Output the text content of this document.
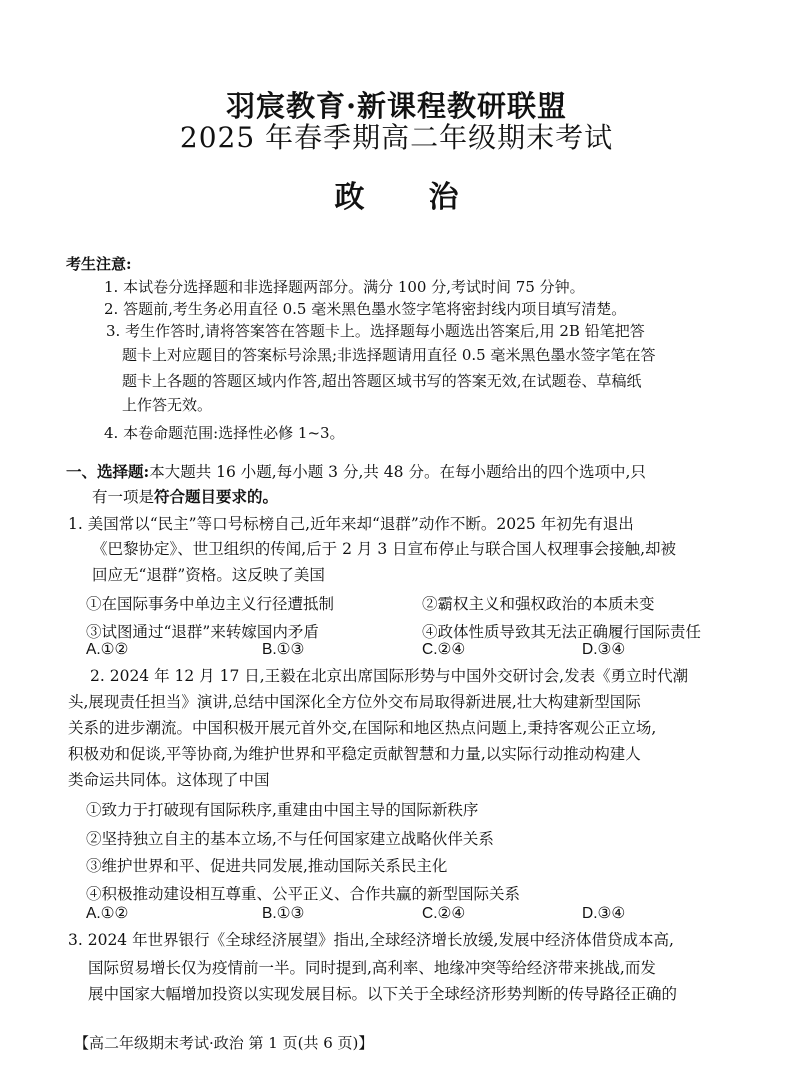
羽宸教育·新课程教研联盟
2025 年春季期高二年级期末考试
政治
考生注意:
1. 本试卷分选择题和非选择题两部分。满分 100 分,考试时间 75 分钟。
2. 答题前,考生务必用直径 0.5 毫米黑色墨水签字笔将密封线内项目填写清楚。
3. 考生作答时,请将答案答在答题卡上。选择题每小题选出答案后,用 2B 铅笔把答
题卡上对应题目的答案标号涂黑;非选择题请用直径 0.5 毫米黑色墨水签字笔在答
题卡上各题的答题区域内作答,超出答题区域书写的答案无效,在试题卷、草稿纸
上作答无效。
4. 本卷命题范围:选择性必修 1~3。
一、选择题:本大题共 16 小题,每小题 3 分,共 48 分。在每小题给出的四个选项中,只
有一项是符合题目要求的。
1. 美国常以“民主”等口号标榜自己,近年来却“退群”动作不断。2025 年初先有退出
《巴黎协定》、世卫组织的传闻,后于 2 月 3 日宣布停止与联合国人权理事会接触,却被
回应无“退群”资格。这反映了美国
①在国际事务中单边主义行径遭抵制	②霸权主义和强权政治的本质未变
③试图通过“退群”来转嫁国内矛盾	④政体性质导致其无法正确履行国际责任
A.①②	B.①③	C.②④	D.③④
2. 2024 年 12 月 17 日,王毅在北京出席国际形势与中国外交研讨会,发表《勇立时代潮
头,展现责任担当》演讲,总结中国深化全方位外交布局取得新进展,壮大构建新型国际
关系的进步潮流。中国积极开展元首外交,在国际和地区热点问题上,秉持客观公正立场,
积极劝和促谈,平等协商,为维护世界和平稳定贡献智慧和力量,以实际行动推动构建人
类命运共同体。这体现了中国
①致力于打破现有国际秩序,重建由中国主导的国际新秩序
②坚持独立自主的基本立场,不与任何国家建立战略伙伴关系
③维护世界和平、促进共同发展,推动国际关系民主化
④积极推动建设相互尊重、公平正义、合作共赢的新型国际关系
A.①②	B.①③	C.②④	D.③④
3. 2024 年世界银行《全球经济展望》指出,全球经济增长放缓,发展中经济体借贷成本高,
国际贸易增长仅为疫情前一半。同时提到,高利率、地缘冲突等给经济带来挑战,而发
展中国家大幅增加投资以实现发展目标。以下关于全球经济形势判断的传导路径正确的
【高二年级期末考试·政治 第 1 页(共 6 页)】
